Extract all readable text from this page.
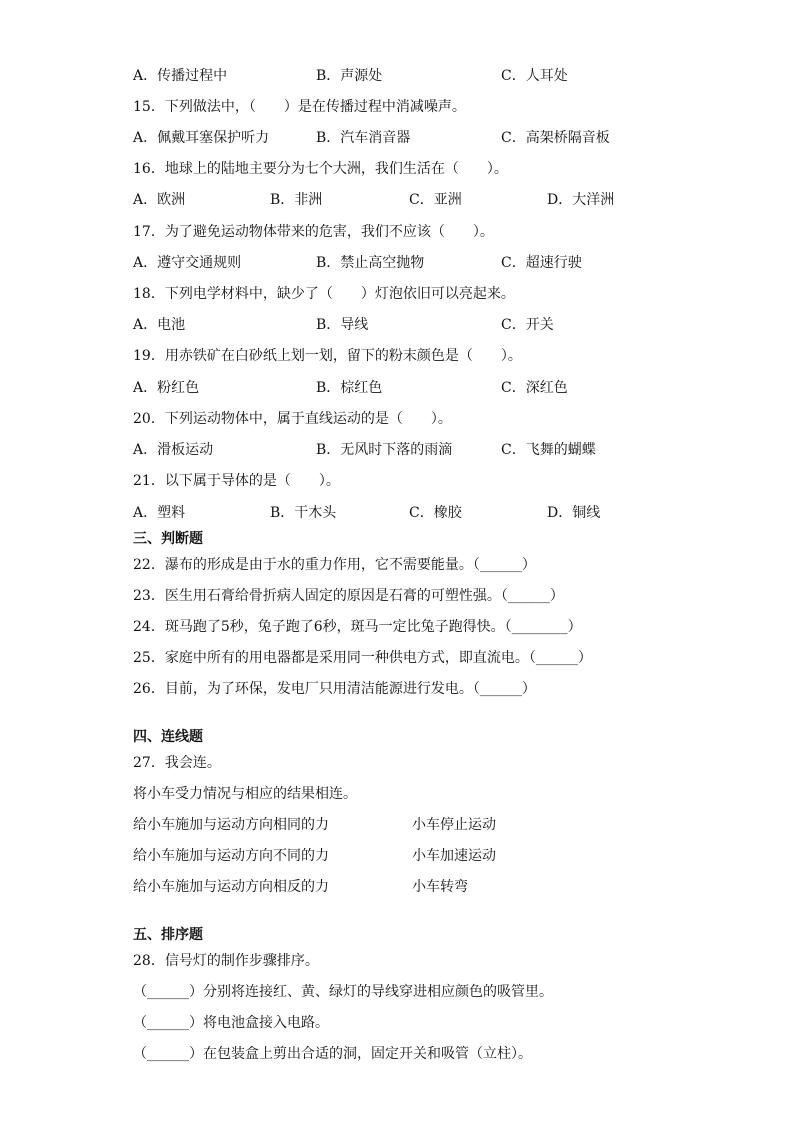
A．传播过程中	B．声源处	C．人耳处
15．下列做法中，（　　）是在传播过程中消减噪声。
A．佩戴耳塞保护听力	B．汽车消音器	C．高架桥隔音板
16．地球上的陆地主要分为七个大洲，我们生活在（　　）。
A．欧洲	B．非洲	C．亚洲	D．大洋洲
17．为了避免运动物体带来的危害，我们不应该（　　）。
A．遵守交通规则	B．禁止高空抛物	C．超速行驶
18．下列电学材料中，缺少了（　　）灯泡依旧可以亮起来。
A．电池	B．导线	C．开关
19．用赤铁矿在白砂纸上划一划，留下的粉末颜色是（　　）。
A．粉红色	B．棕红色	C．深红色
20．下列运动物体中，属于直线运动的是（　　）。
A．滑板运动	B．无风时下落的雨滴	C．飞舞的蝴蝶
21．以下属于导体的是（　　）。
A．塑料	B．干木头	C．橡胶	D．铜线
三、判断题
22．瀑布的形成是由于水的重力作用，它不需要能量。（______）
23．医生用石膏给骨折病人固定的原因是石膏的可塑性强。（______）
24．斑马跑了5秒，兔子跑了6秒，斑马一定比兔子跑得快。（________）
25．家庭中所有的用电器都是采用同一种供电方式，即直流电。（______）
26．目前，为了环保，发电厂只用清洁能源进行发电。（______）
四、连线题
27．我会连。
将小车受力情况与相应的结果相连。
给小车施加与运动方向相同的力	小车停止运动
给小车施加与运动方向不同的力	小车加速运动
给小车施加与运动方向相反的力	小车转弯
五、排序题
28．信号灯的制作步骤排序。
（______）分别将连接红、黄、绿灯的导线穿进相应颜色的吸管里。
（______）将电池盒接入电路。
（______）在包装盒上剪出合适的洞，固定开关和吸管（立柱）。
